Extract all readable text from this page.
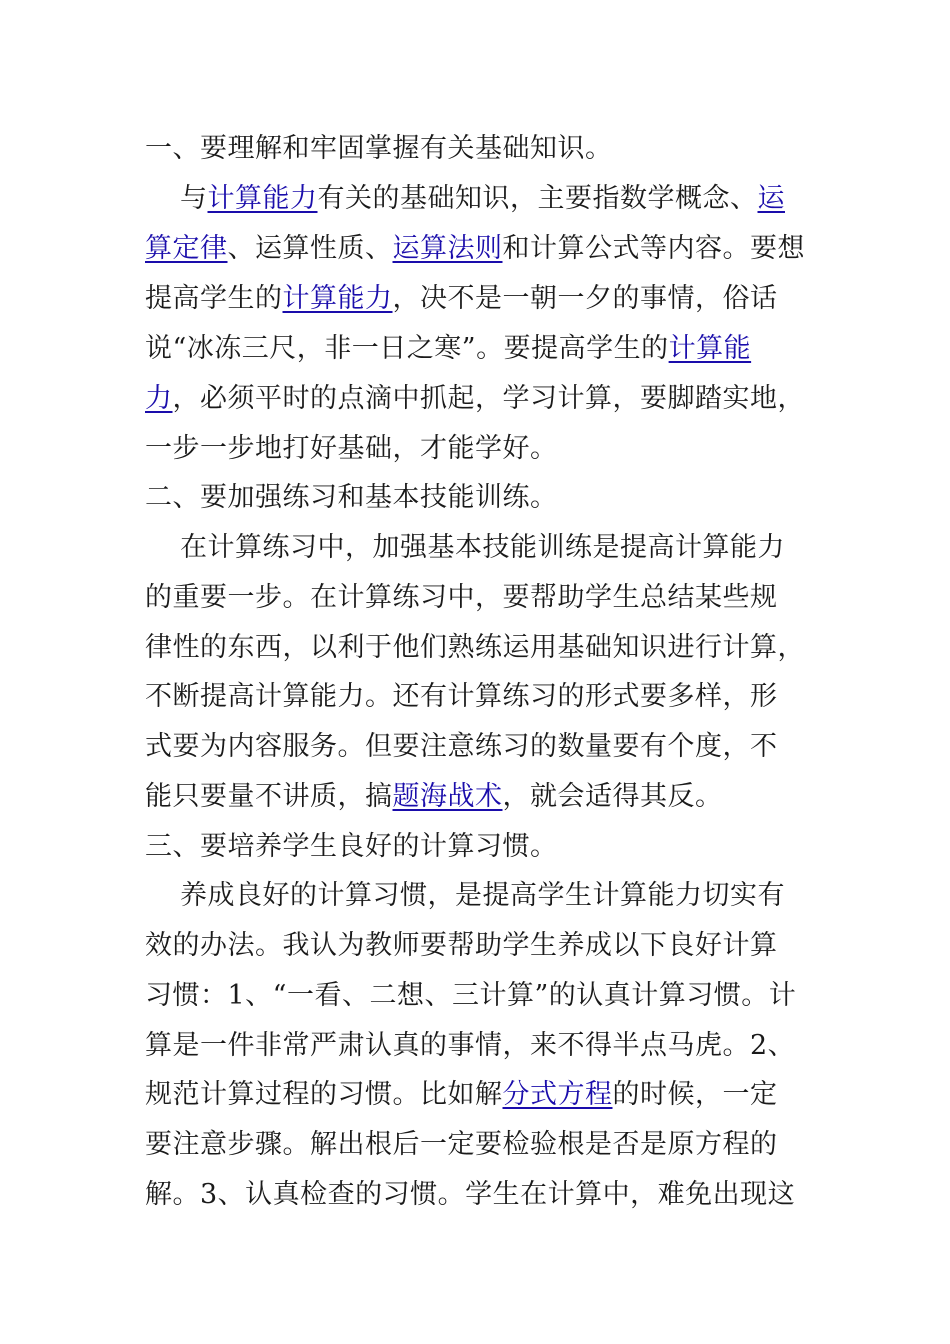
一、要理解和牢固掌握有关基础知识。
与计算能力有关的基础知识，主要指数学概念、运
算定律、运算性质、运算法则和计算公式等内容。要想
提高学生的计算能力，决不是一朝一夕的事情，俗话
说“冰冻三尺，非一日之寒”。要提高学生的计算能
力，必须平时的点滴中抓起，学习计算，要脚踏实地，
一步一步地打好基础，才能学好。
二、要加强练习和基本技能训练。
在计算练习中，加强基本技能训练是提高计算能力
的重要一步。在计算练习中，要帮助学生总结某些规
律性的东西，以利于他们熟练运用基础知识进行计算，
不断提高计算能力。还有计算练习的形式要多样，形
式要为内容服务。但要注意练习的数量要有个度，不
能只要量不讲质，搞题海战术，就会适得其反。
三、要培养学生良好的计算习惯。
养成良好的计算习惯，是提高学生计算能力切实有
效的办法。我认为教师要帮助学生养成以下良好计算
习惯：1、“一看、二想、三计算”的认真计算习惯。计
算是一件非常严肃认真的事情，来不得半点马虎。2、
规范计算过程的习惯。比如解分式方程的时候，一定
要注意步骤。解出根后一定要检验根是否是原方程的
解。3、认真检查的习惯。学生在计算中，难免出现这
